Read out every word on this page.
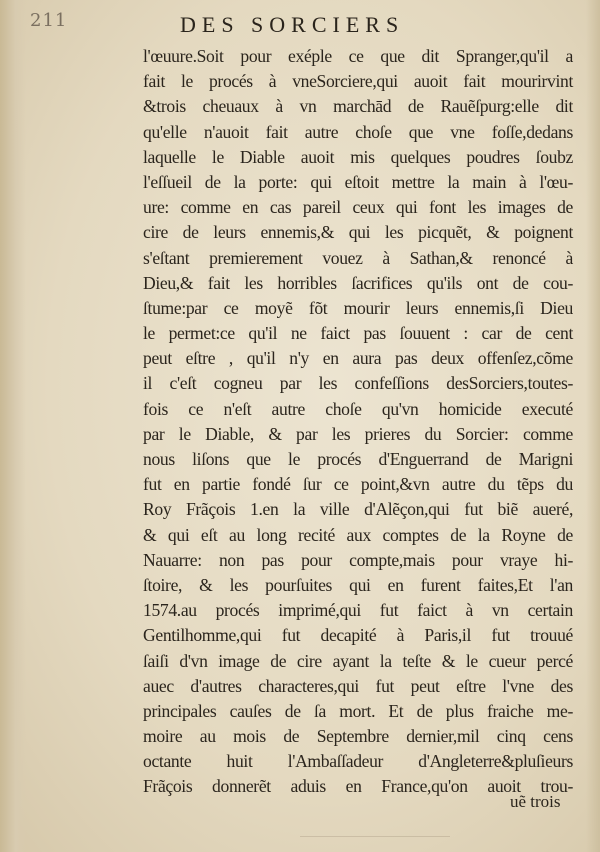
211	DES SORCIERS
l'œuure.Soit pour exéple ce que dit Spranger,qu'il a
fait le procés à vneSorciere,qui auoit fait mourirvint
&trois cheuaux à vn marchād de Rauẽſpurg:elle dit
qu'elle n'auoit fait autre choſe que vne foſſe,dedans
laquelle le Diable auoit mis quelques poudres ſoubz
l'eſſueil de la porte: qui eſtoit mettre la main à l'œu-
ure: comme en cas pareil ceux qui font les images de
cire de leurs ennemis,& qui les picquẽt, & poignent
s'eſtant premierement vouez à Sathan,& renoncé à
Dieu,& fait les horribles ſacrifices qu'ils ont de cou-
ſtume:par ce moyẽ fõt mourir leurs ennemis,ſi Dieu
le permet:ce qu'il ne faict pas ſouuent : car de cent
peut eſtre , qu'il n'y en aura pas deux offenſez,cõme
il c'eſt cogneu par les confeſſions desSorciers,toutes-
fois ce n'eſt autre choſe qu'vn homicide executé
par le Diable, & par les prieres du Sorcier: comme
nous liſons que le procés d'Enguerrand de Marigni
fut en partie fondé ſur ce point,&vn autre du tẽps du
Roy Frãçois 1.en la ville d'Alẽçon,qui fut biẽ aueré,
& qui eſt au long recité aux comptes de la Royne de
Nauarre: non pas pour compte,mais pour vraye hi-
ſtoire, & les pourſuites qui en furent faites,Et l'an
1574.au procés imprimé,qui fut faict à vn certain
Gentilhomme,qui fut decapité à Paris,il fut trouué
ſaiſi d'vn image de cire ayant la teſte & le cueur percé
auec d'autres characteres,qui fut peut eſtre l'vne des
principales cauſes de ſa mort. Et de plus fraiche me-
moire au mois de Septembre dernier,mil cinq cens
octante huit l'Ambaſſadeur d'Angleterre&pluſieurs
Frãçois donnerẽt aduis en France,qu'on auoit trou-
uẽ trois
